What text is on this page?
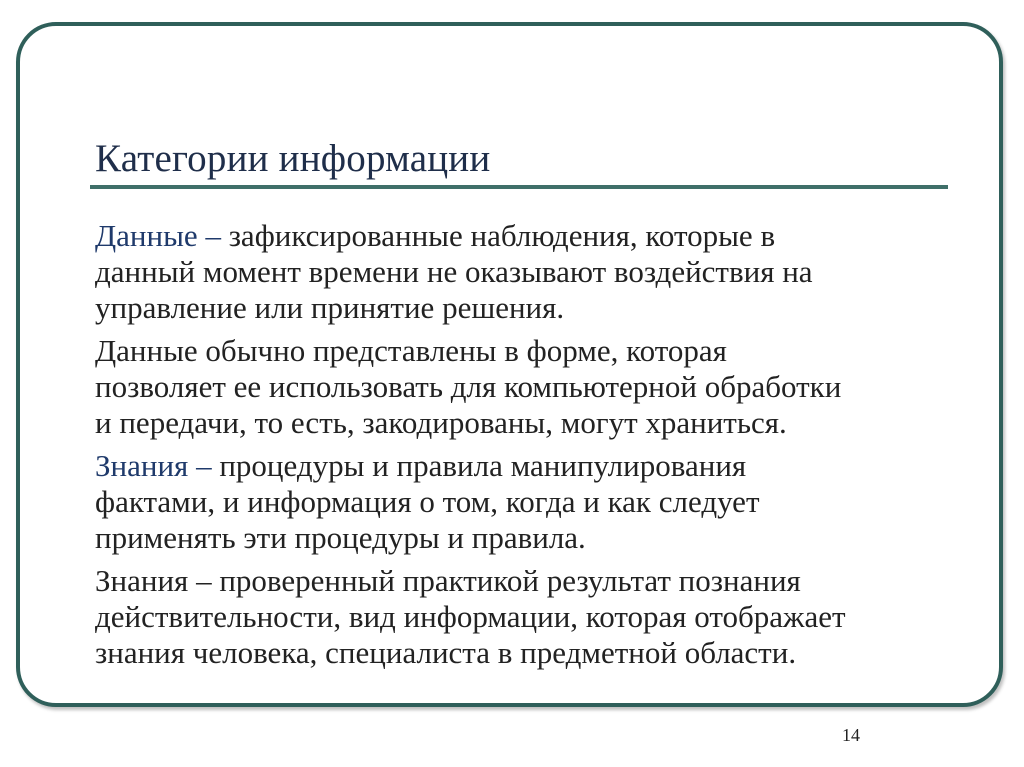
Категории информации

Данные – зафиксированные наблюдения, которые в
данный момент времени не оказывают воздействия на
управление или принятие решения.

Данные обычно представлены в форме, которая
позволяет ее использовать для компьютерной обработки
и передачи, то есть, закодированы, могут храниться.

Знания – процедуры и правила манипулирования
фактами, и информация о том, когда и как следует
применять эти процедуры и правила.

Знания – проверенный практикой результат познания
действительности, вид информации, которая отображает
знания человека, специалиста в предметной области.

14
